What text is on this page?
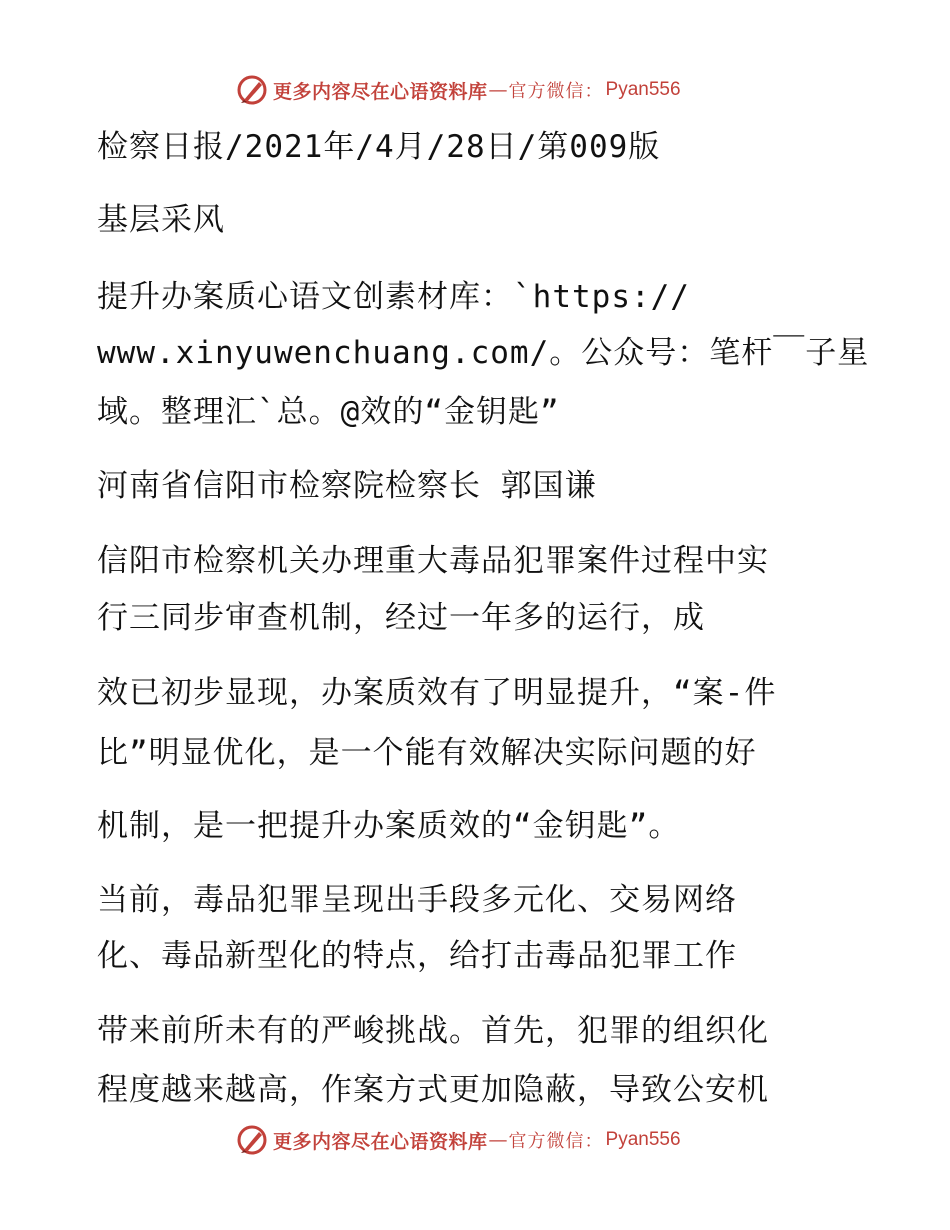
更多内容尽在心语资料库 — 官方微信： Pyan556
检察日报/2021年/4月/28日/第009版
基层采风
提升办案质心语文创素材库：`https://
www.xinyuwenchuang.com/。公众号：笔杆￣子星
域。整理汇`总。@效的“金钥匙”
河南省信阳市检察院检察长 郭国谦
信阳市检察机关办理重大毒品犯罪案件过程中实
行三同步审查机制，经过一年多的运行，成
效已初步显现，办案质效有了明显提升，“案-件
比”明显优化，是一个能有效解决实际问题的好
机制，是一把提升办案质效的“金钥匙”。
当前，毒品犯罪呈现出手段多元化、交易网络
化、毒品新型化的特点，给打击毒品犯罪工作
带来前所未有的严峻挑战。首先，犯罪的组织化
程度越来越高，作案方式更加隐蔽，导致公安机
更多内容尽在心语资料库 — 官方微信： Pyan556
